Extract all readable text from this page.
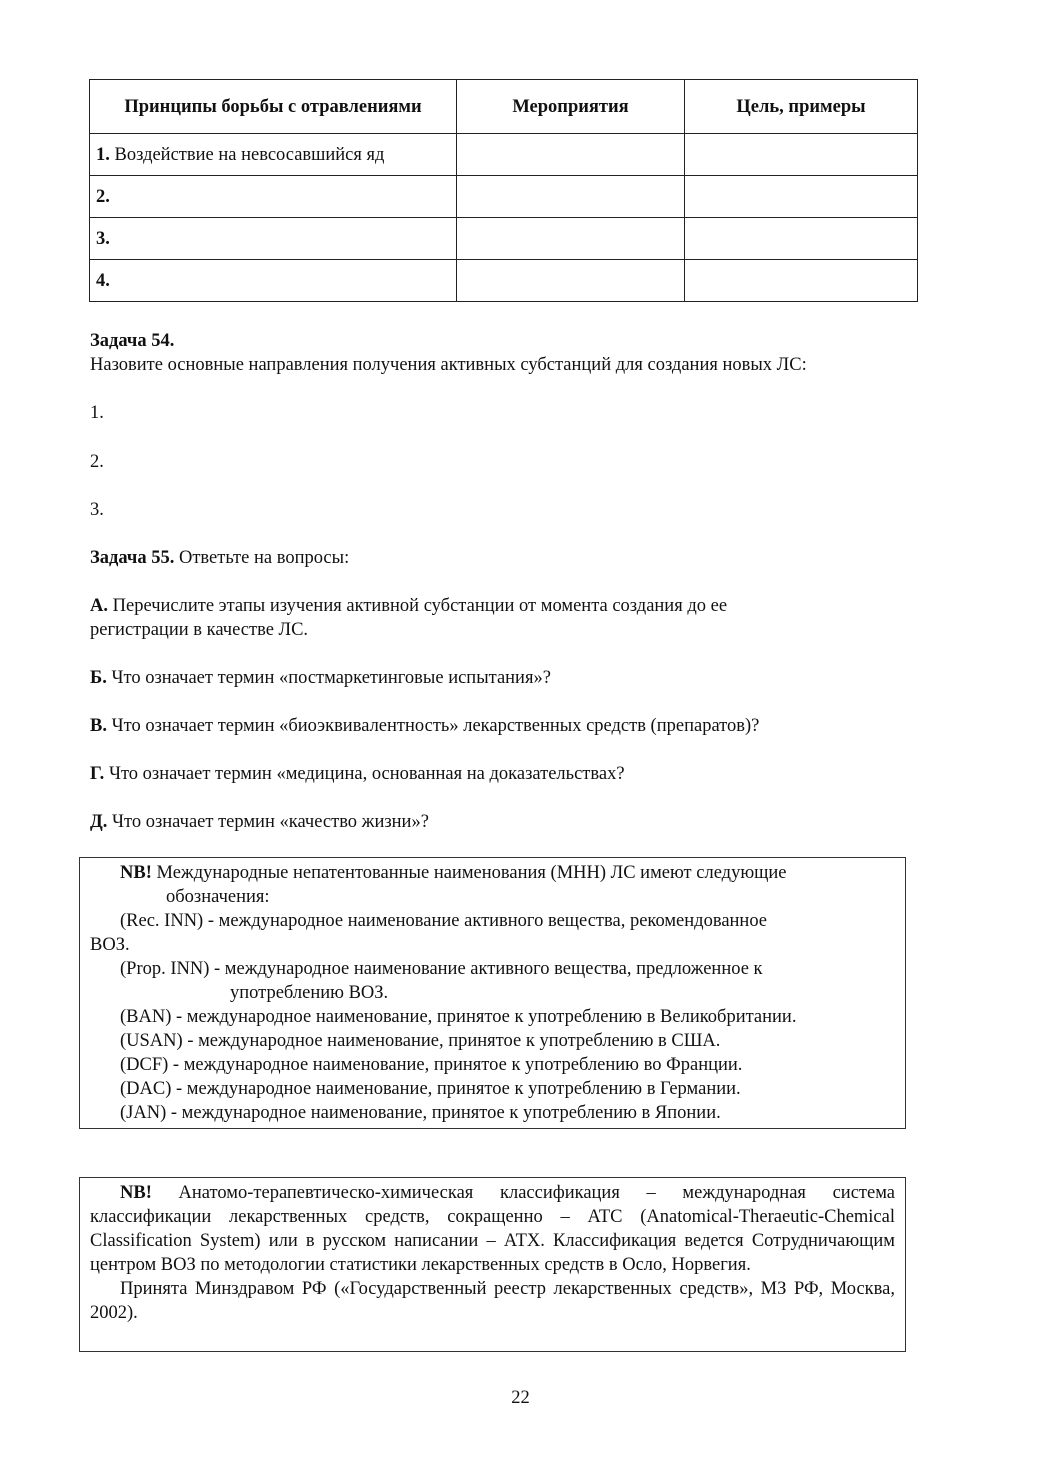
Принципы борьбы с отравлениями	Мероприятия	Цель, примеры
1. Воздействие на невсосавшийся яд		
2.		
3.		
4.		
Задача 54.
Назовите основные направления получения активных субстанций для создания новых ЛС:
1.
2.
3.
Задача 55. Ответьте на вопросы:
А. Перечислите этапы изучения активной субстанции от момента создания до ее
регистрации в качестве ЛС.
Б. Что означает термин «постмаркетинговые испытания»?
В. Что означает термин «биоэквивалентность» лекарственных средств (препаратов)?
Г. Что означает термин «медицина, основанная на доказательствах?
Д. Что означает термин «качество жизни»?

NB! Международные непатентованные наименования (МНН) ЛС имеют следующие

обозначения:

(Rec. INN) - международное наименование активного вещества, рекомендованное

ВОЗ.

(Prop. INN) - международное наименование активного вещества, предложенное к

употреблению ВОЗ.

(BAN) - международное наименование, принятое к употреблению в Великобритании.

(USAN) - международное наименование, принятое к употреблению в США.

(DCF) - международное наименование, принятое к употреблению во Франции.

(DAC) - международное наименование, принятое к употреблению в Германии.

(JAN) - международное наименование, принятое к употреблению в Японии.

NB! Анатомо-терапевтическо-химическая классификация – международная система классификации лекарственных средств, сокращенно – ATC (Anatomical-Theraeutic-Chemical Classification System) или в русском написании – АТХ. Классификация ведется Сотрудничающим центром ВОЗ по методологии статистики лекарственных средств в Осло, Норвегия.

Принята Минздравом РФ («Государственный реестр лекарственных средств», МЗ РФ, Москва, 2002).

22
